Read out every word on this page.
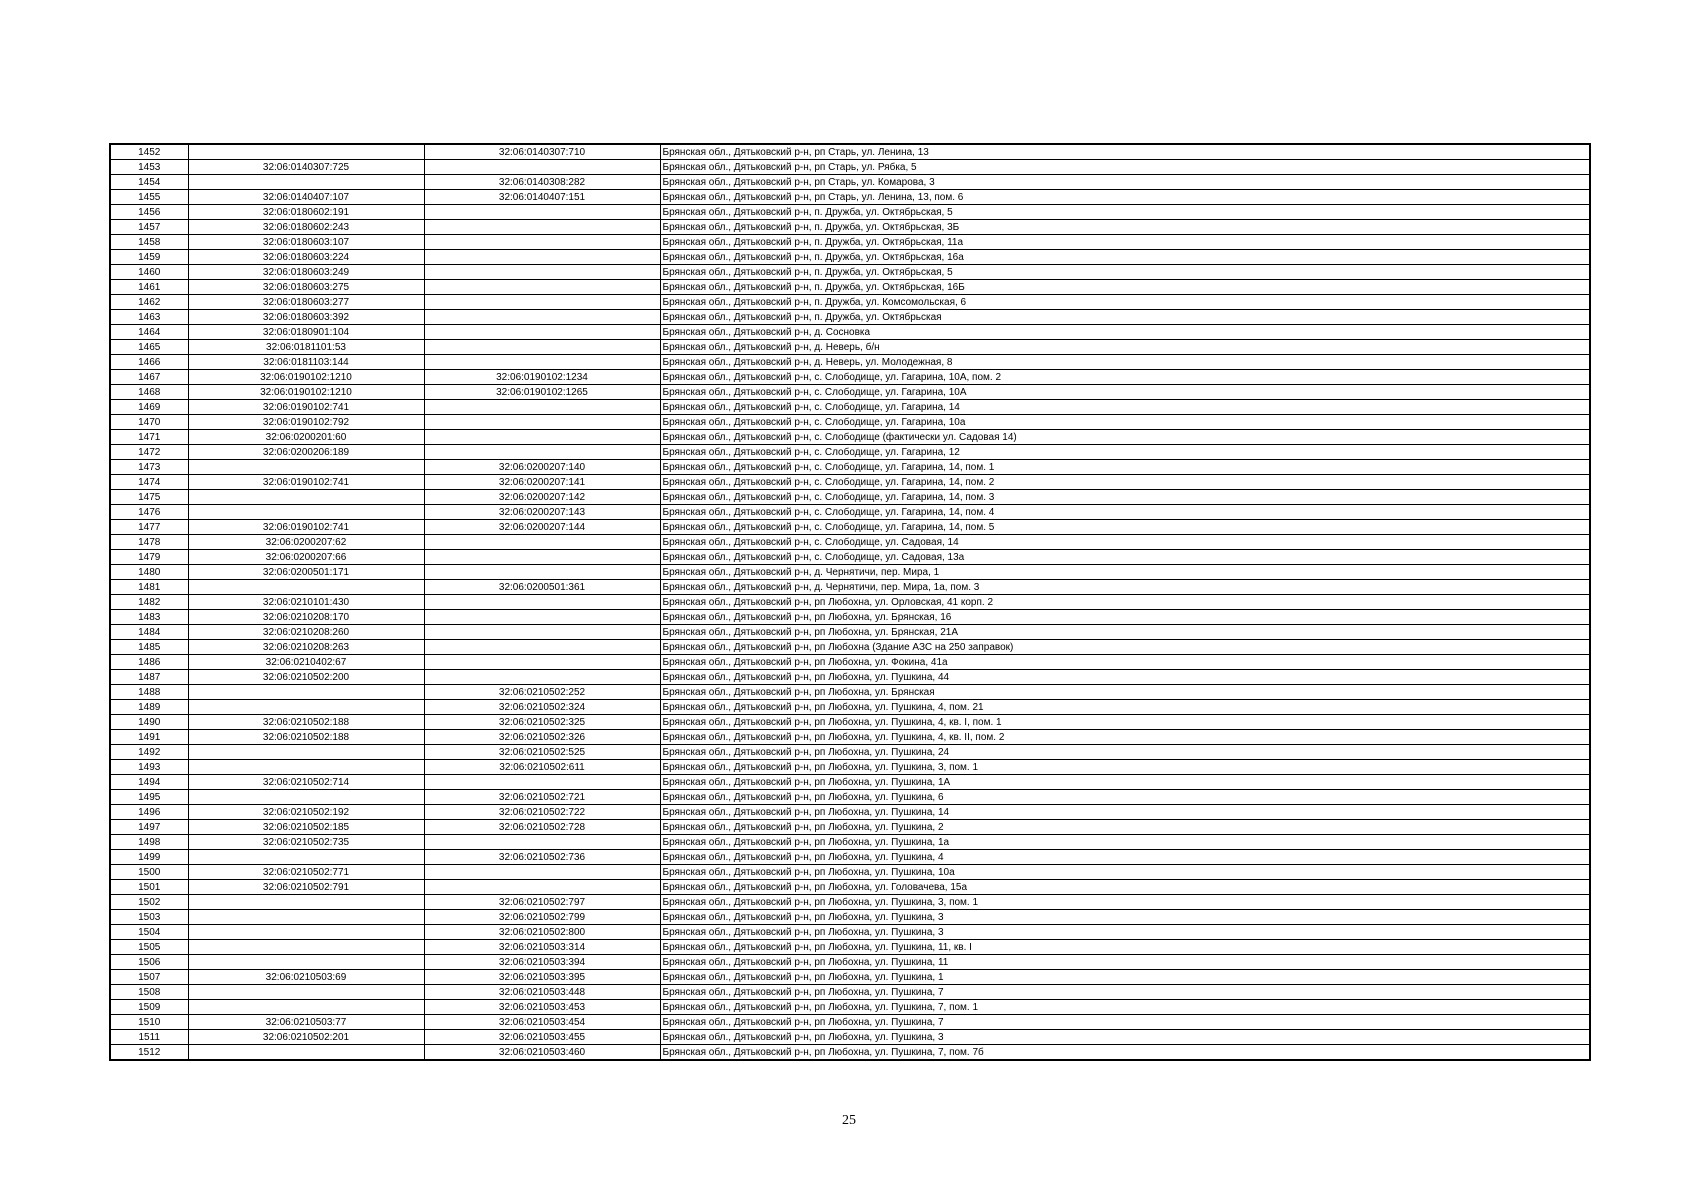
1452		32:06:0140307:710	Брянская обл., Дятьковский р-н, рп Старь, ул. Ленина, 13
1453	32:06:0140307:725		Брянская обл., Дятьковский р-н, рп Старь, ул. Рябка, 5
1454		32:06:0140308:282	Брянская обл., Дятьковский р-н, рп Старь, ул. Комарова, 3
1455	32:06:0140407:107	32:06:0140407:151	Брянская обл., Дятьковский р-н, рп Старь, ул. Ленина, 13, пом. 6
1456	32:06:0180602:191		Брянская обл., Дятьковский р-н, п. Дружба, ул. Октябрьская, 5
1457	32:06:0180602:243		Брянская обл., Дятьковский р-н, п. Дружба, ул. Октябрьская, 3Б
1458	32:06:0180603:107		Брянская обл., Дятьковский р-н, п. Дружба, ул. Октябрьская, 11а
1459	32:06:0180603:224		Брянская обл., Дятьковский р-н, п. Дружба, ул. Октябрьская, 16а
1460	32:06:0180603:249		Брянская обл., Дятьковский р-н, п. Дружба, ул. Октябрьская, 5
1461	32:06:0180603:275		Брянская обл., Дятьковский р-н, п. Дружба, ул. Октябрьская, 16Б
1462	32:06:0180603:277		Брянская обл., Дятьковский р-н, п. Дружба, ул. Комсомольская, 6
1463	32:06:0180603:392		Брянская обл., Дятьковский р-н, п. Дружба, ул. Октябрьская
1464	32:06:0180901:104		Брянская обл., Дятьковский р-н, д. Сосновка
1465	32:06:0181101:53		Брянская обл., Дятьковский р-н, д. Неверь, б/н
1466	32:06:0181103:144		Брянская обл., Дятьковский р-н, д. Неверь, ул. Молодежная, 8
1467	32:06:0190102:1210	32:06:0190102:1234	Брянская обл., Дятьковский р-н, с. Слободище, ул. Гагарина, 10А, пом. 2
1468	32:06:0190102:1210	32:06:0190102:1265	Брянская обл., Дятьковский р-н, с. Слободище, ул. Гагарина, 10А
1469	32:06:0190102:741		Брянская обл., Дятьковский р-н, с. Слободище, ул. Гагарина, 14
1470	32:06:0190102:792		Брянская обл., Дятьковский р-н, с. Слободище, ул. Гагарина, 10а
1471	32:06:0200201:60		Брянская обл., Дятьковский р-н, с. Слободище (фактически ул. Садовая 14)
1472	32:06:0200206:189		Брянская обл., Дятьковский р-н, с. Слободище, ул. Гагарина, 12
1473		32:06:0200207:140	Брянская обл., Дятьковский р-н, с. Слободище, ул. Гагарина, 14, пом. 1
1474	32:06:0190102:741	32:06:0200207:141	Брянская обл., Дятьковский р-н, с. Слободище, ул. Гагарина, 14, пом. 2
1475		32:06:0200207:142	Брянская обл., Дятьковский р-н, с. Слободище, ул. Гагарина, 14, пом. 3
1476		32:06:0200207:143	Брянская обл., Дятьковский р-н, с. Слободище, ул. Гагарина, 14, пом. 4
1477	32:06:0190102:741	32:06:0200207:144	Брянская обл., Дятьковский р-н, с. Слободище, ул. Гагарина, 14, пом. 5
1478	32:06:0200207:62		Брянская обл., Дятьковский р-н, с. Слободище, ул. Садовая, 14
1479	32:06:0200207:66		Брянская обл., Дятьковский р-н, с. Слободище, ул. Садовая, 13а
1480	32:06:0200501:171		Брянская обл., Дятьковский р-н, д. Чернятичи, пер. Мира, 1
1481		32:06:0200501:361	Брянская обл., Дятьковский р-н, д. Чернятичи, пер. Мира, 1а, пом. 3
1482	32:06:0210101:430		Брянская обл., Дятьковский р-н, рп Любохна, ул. Орловская, 41 корп. 2
1483	32:06:0210208:170		Брянская обл., Дятьковский р-н, рп Любохна, ул. Брянская, 16
1484	32:06:0210208:260		Брянская обл., Дятьковский р-н, рп Любохна, ул. Брянская, 21А
1485	32:06:0210208:263		Брянская обл., Дятьковский р-н, рп Любохна (Здание АЗС на 250 заправок)
1486	32:06:0210402:67		Брянская обл., Дятьковский р-н, рп Любохна, ул. Фокина, 41а
1487	32:06:0210502:200		Брянская обл., Дятьковский р-н, рп Любохна, ул. Пушкина, 44
1488		32:06:0210502:252	Брянская обл., Дятьковский р-н, рп Любохна, ул. Брянская
1489		32:06:0210502:324	Брянская обл., Дятьковский р-н, рп Любохна, ул. Пушкина, 4, пом. 21
1490	32:06:0210502:188	32:06:0210502:325	Брянская обл., Дятьковский р-н, рп Любохна, ул. Пушкина, 4, кв. I, пом. 1
1491	32:06:0210502:188	32:06:0210502:326	Брянская обл., Дятьковский р-н, рп Любохна, ул. Пушкина, 4, кв. II, пом. 2
1492		32:06:0210502:525	Брянская обл., Дятьковский р-н, рп Любохна, ул. Пушкина, 24
1493		32:06:0210502:611	Брянская обл., Дятьковский р-н, рп Любохна, ул. Пушкина, 3, пом. 1
1494	32:06:0210502:714		Брянская обл., Дятьковский р-н, рп Любохна, ул. Пушкина, 1А
1495		32:06:0210502:721	Брянская обл., Дятьковский р-н, рп Любохна, ул. Пушкина, 6
1496	32:06:0210502:192	32:06:0210502:722	Брянская обл., Дятьковский р-н, рп Любохна, ул. Пушкина, 14
1497	32:06:0210502:185	32:06:0210502:728	Брянская обл., Дятьковский р-н, рп Любохна, ул. Пушкина, 2
1498	32:06:0210502:735		Брянская обл., Дятьковский р-н, рп Любохна, ул. Пушкина, 1а
1499		32:06:0210502:736	Брянская обл., Дятьковский р-н, рп Любохна, ул. Пушкина, 4
1500	32:06:0210502:771		Брянская обл., Дятьковский р-н, рп Любохна, ул. Пушкина, 10а
1501	32:06:0210502:791		Брянская обл., Дятьковский р-н, рп Любохна, ул. Головачева, 15а
1502		32:06:0210502:797	Брянская обл., Дятьковский р-н, рп Любохна, ул. Пушкина, 3, пом. 1
1503		32:06:0210502:799	Брянская обл., Дятьковский р-н, рп Любохна, ул. Пушкина, 3
1504		32:06:0210502:800	Брянская обл., Дятьковский р-н, рп Любохна, ул. Пушкина, 3
1505		32:06:0210503:314	Брянская обл., Дятьковский р-н, рп Любохна, ул. Пушкина, 11, кв. I
1506		32:06:0210503:394	Брянская обл., Дятьковский р-н, рп Любохна, ул. Пушкина, 11
1507	32:06:0210503:69	32:06:0210503:395	Брянская обл., Дятьковский р-н, рп Любохна, ул. Пушкина, 1
1508		32:06:0210503:448	Брянская обл., Дятьковский р-н, рп Любохна, ул. Пушкина, 7
1509		32:06:0210503:453	Брянская обл., Дятьковский р-н, рп Любохна, ул. Пушкина, 7, пом. 1
1510	32:06:0210503:77	32:06:0210503:454	Брянская обл., Дятьковский р-н, рп Любохна, ул. Пушкина, 7
1511	32:06:0210502:201	32:06:0210503:455	Брянская обл., Дятьковский р-н, рп Любохна, ул. Пушкина, 3
1512		32:06:0210503:460	Брянская обл., Дятьковский р-н, рп Любохна, ул. Пушкина, 7, пом. 7б
25
